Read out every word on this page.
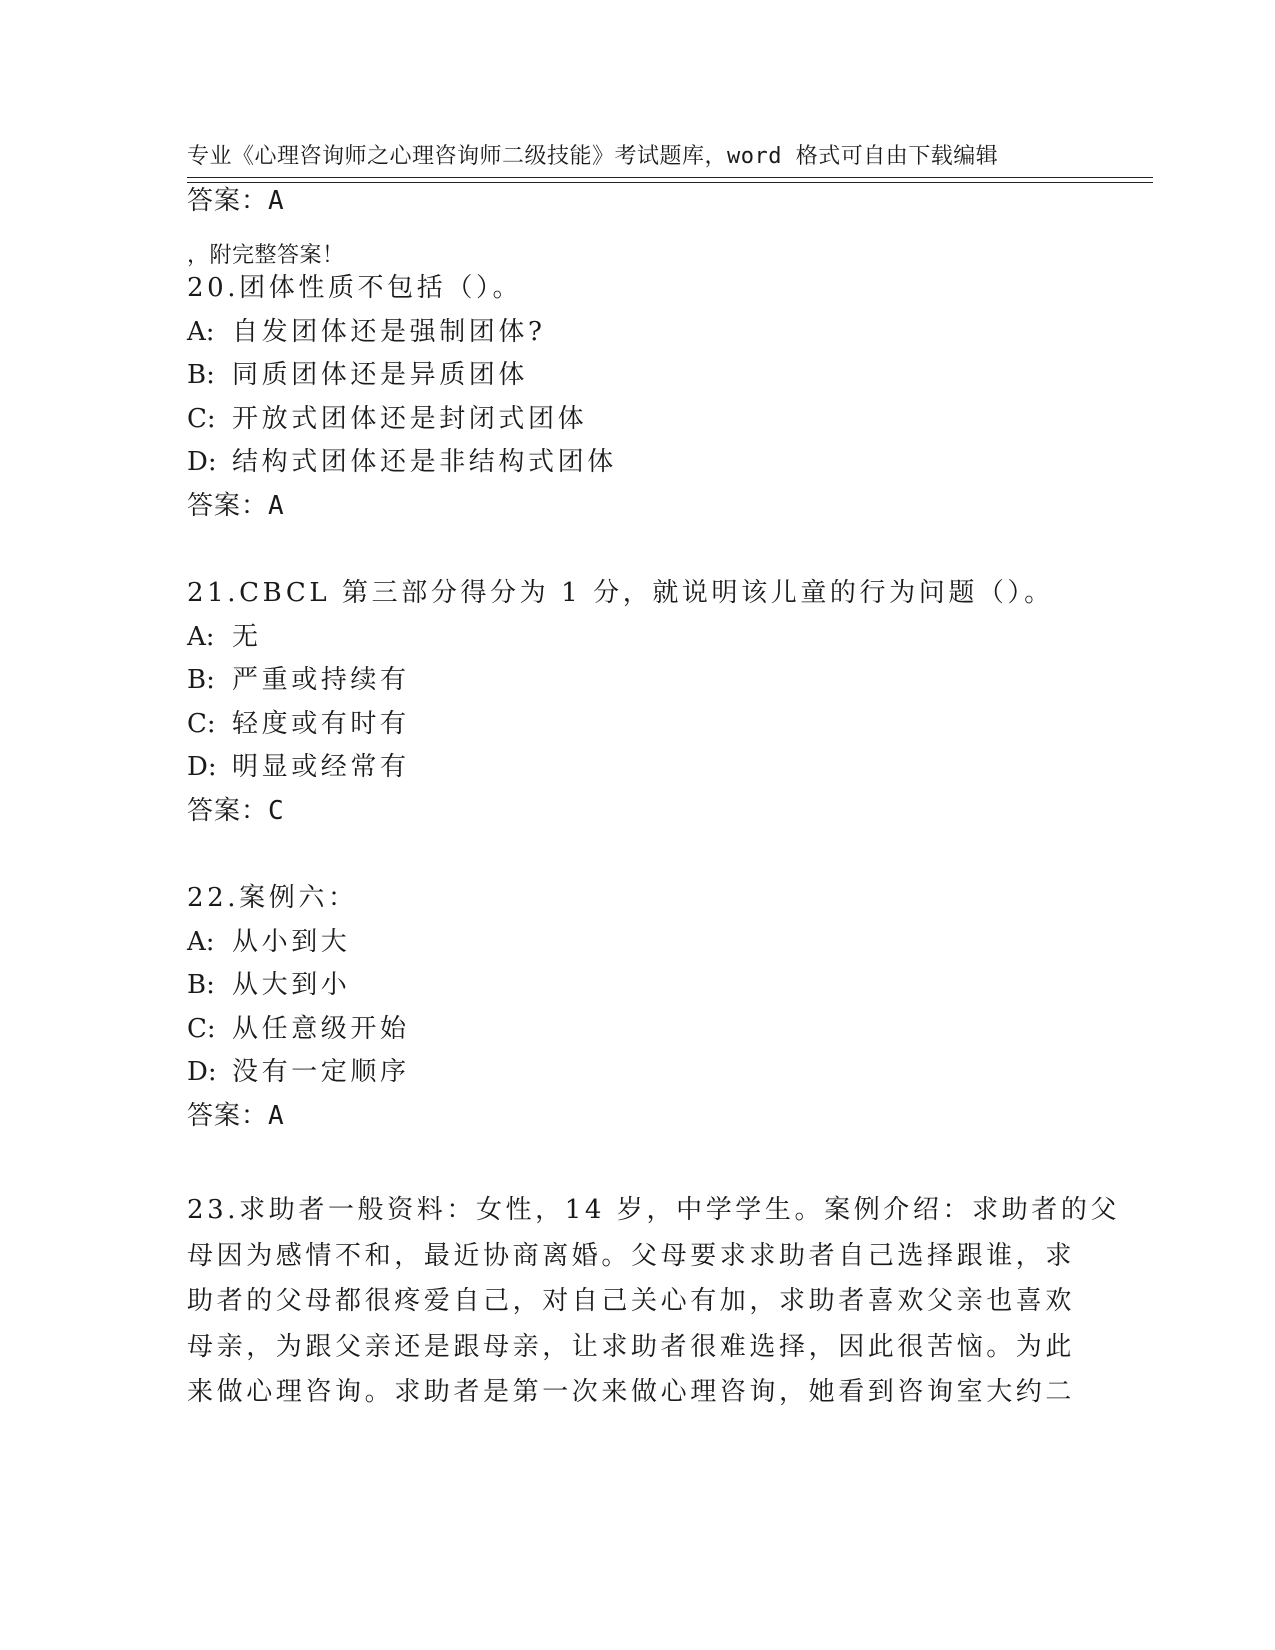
专业《心理咨询师之心理咨询师二级技能》考试题库，word 格式可自由下载编辑

，附完整答案！

答案：A
20.团体性质不包括（）。
A: 自发团体还是强制团体?
B: 同质团体还是异质团体
C: 开放式团体还是封闭式团体
D: 结构式团体还是非结构式团体
答案：A
21.CBCL 第三部分得分为 1 分，就说明该儿童的行为问题（）。
A: 无
B: 严重或持续有
C: 轻度或有时有
D: 明显或经常有
答案：C
22.案例六：
A: 从小到大
B: 从大到小
C: 从任意级开始
D: 没有一定顺序
答案：A
23.求助者一般资料：女性，14 岁，中学学生。案例介绍：求助者的父
母因为感情不和，最近协商离婚。父母要求求助者自己选择跟谁，求
助者的父母都很疼爱自己，对自己关心有加，求助者喜欢父亲也喜欢
母亲，为跟父亲还是跟母亲，让求助者很难选择，因此很苦恼。为此
来做心理咨询。求助者是第一次来做心理咨询，她看到咨询室大约二
